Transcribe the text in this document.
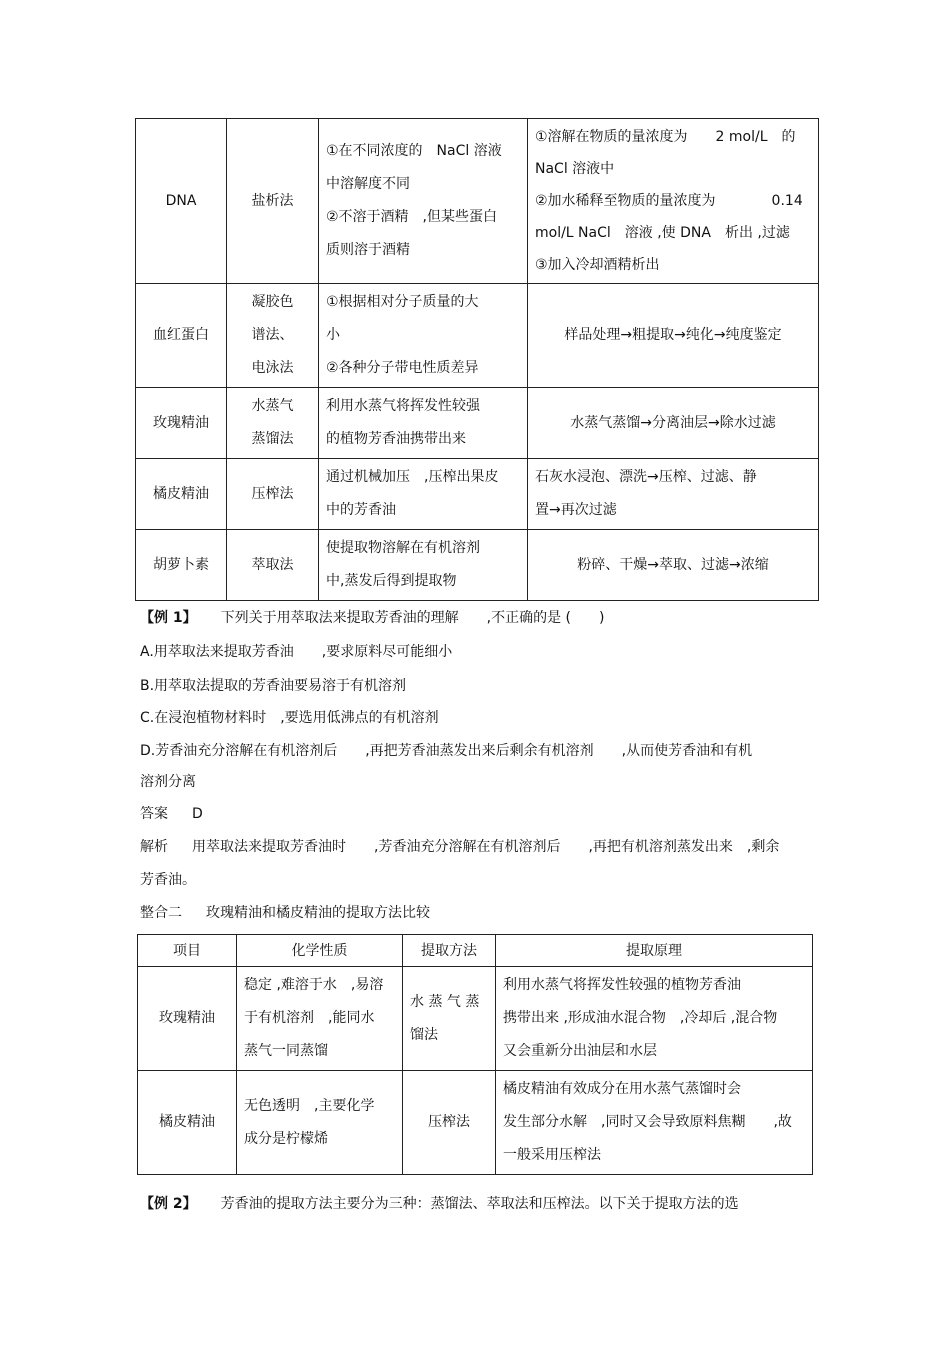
DNA	盐析法	①在不同浓度的　NaCl 溶液
中溶解度不同
②不溶于酒精　,但某些蛋白
质则溶于酒精	①溶解在物质的量浓度为　　2 mol/L　的
NaCl 溶液中
②加水稀释至物质的量浓度为　　　　0.14
mol/L NaCl　溶液 ,使 DNA　析出 ,过滤
③加入冷却酒精析出

血红蛋白	凝胶色
谱法、
电泳法	①根据相对分子质量的大
小
②各种分子带电性质差异	样品处理→粗提取→纯化→纯度鉴定

玫瑰精油	水蒸气
蒸馏法	利用水蒸气将挥发性较强
的植物芳香油携带出来	水蒸气蒸馏→分离油层→除水过滤

橘皮精油	压榨法	通过机械加压　,压榨出果皮
中的芳香油	石灰水浸泡、漂洗→压榨、过滤、静
置→再次过滤

胡萝卜素	萃取法	使提取物溶解在有机溶剂
中,蒸发后得到提取物	粉碎、干燥→萃取、过滤→浓缩
【例 1】 下列关于用萃取法来提取芳香油的理解　　,不正确的是 (　　)
A.用萃取法来提取芳香油　　,要求原料尽可能细小
B.用萃取法提取的芳香油要易溶于有机溶剂
C.在浸泡植物材料时　,要选用低沸点的有机溶剂
D.芳香油充分溶解在有机溶剂后　　,再把芳香油蒸发出来后剩余有机溶剂　　,从而使芳香油和有机
溶剂分离
答案 D
解析 用萃取法来提取芳香油时　　,芳香油充分溶解在有机溶剂后　　,再把有机溶剂蒸发出来　,剩余
芳香油。
整合二 玫瑰精油和橘皮精油的提取方法比较
项目	化学性质	提取方法	提取原理
玫瑰精油	稳定 ,难溶于水　,易溶
于有机溶剂　,能同水
蒸气一同蒸馏	水 蒸 气 蒸
馏法	利用水蒸气将挥发性较强的植物芳香油
携带出来 ,形成油水混合物　,冷却后 ,混合物
又会重新分出油层和水层

橘皮精油	无色透明　,主要化学
成分是柠檬烯	压榨法	橘皮精油有效成分在用水蒸气蒸馏时会
发生部分水解　,同时又会导致原料焦糊　　,故
一般采用压榨法
【例 2】 芳香油的提取方法主要分为三种：蒸馏法、萃取法和压榨法。以下关于提取方法的选
